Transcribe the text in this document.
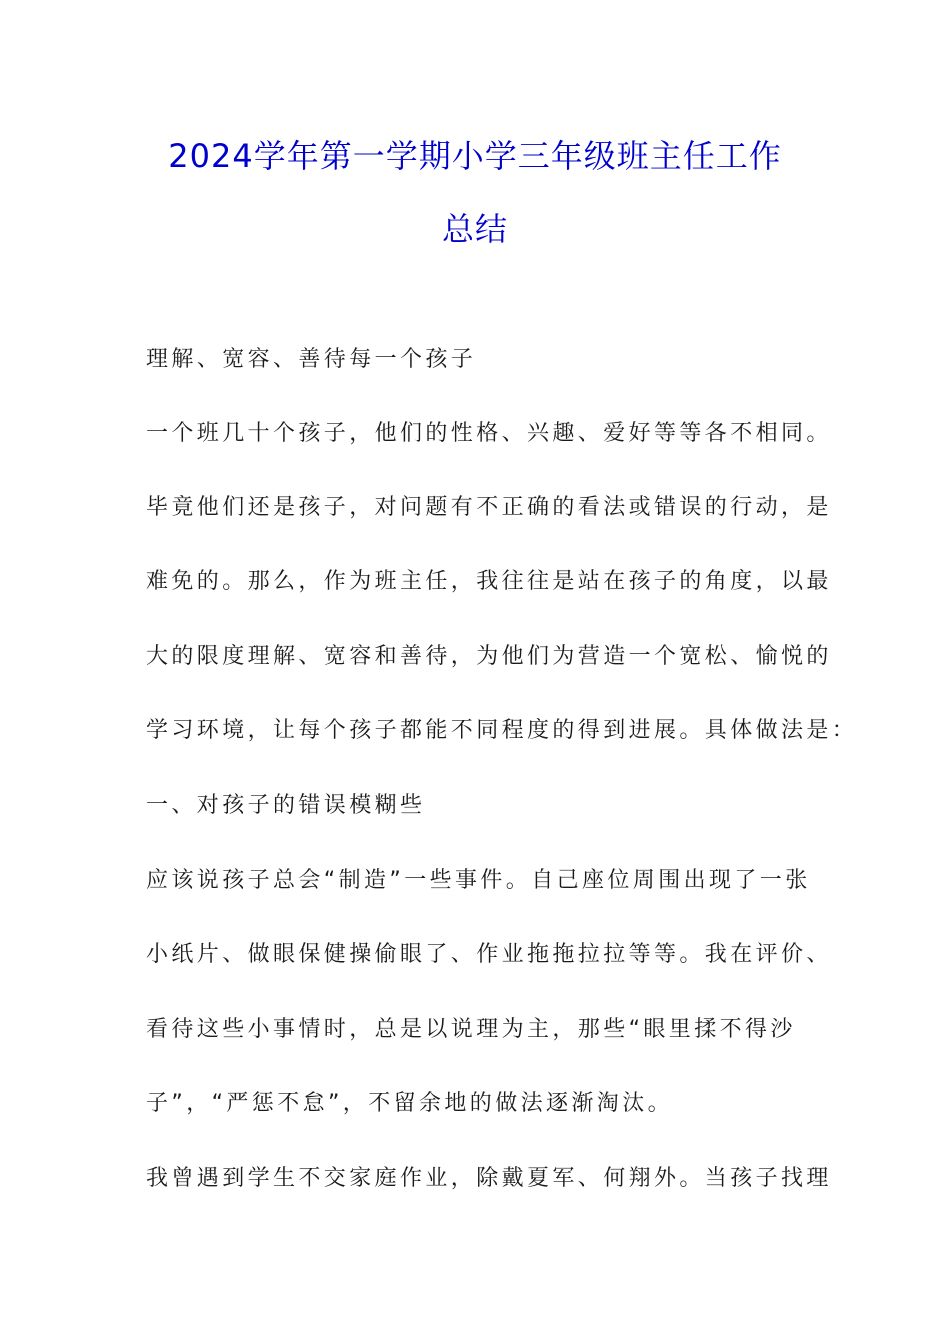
2024学年第一学期小学三年级班主任工作
总结
理解、宽容、善待每一个孩子
一个班几十个孩子，他们的性格、兴趣、爱好等等各不相同。
毕竟他们还是孩子，对问题有不正确的看法或错误的行动，是
难免的。那么，作为班主任，我往往是站在孩子的角度，以最
大的限度理解、宽容和善待，为他们为营造一个宽松、愉悦的
学习环境，让每个孩子都能不同程度的得到进展。具体做法是：
一、对孩子的错误模糊些
应该说孩子总会“制造”一些事件。自己座位周围出现了一张
小纸片、做眼保健操偷眼了、作业拖拖拉拉等等。我在评价、
看待这些小事情时，总是以说理为主，那些“眼里揉不得沙
子”，“严惩不怠”，不留余地的做法逐渐淘汰。
我曾遇到学生不交家庭作业，除戴夏军、何翔外。当孩子找理
